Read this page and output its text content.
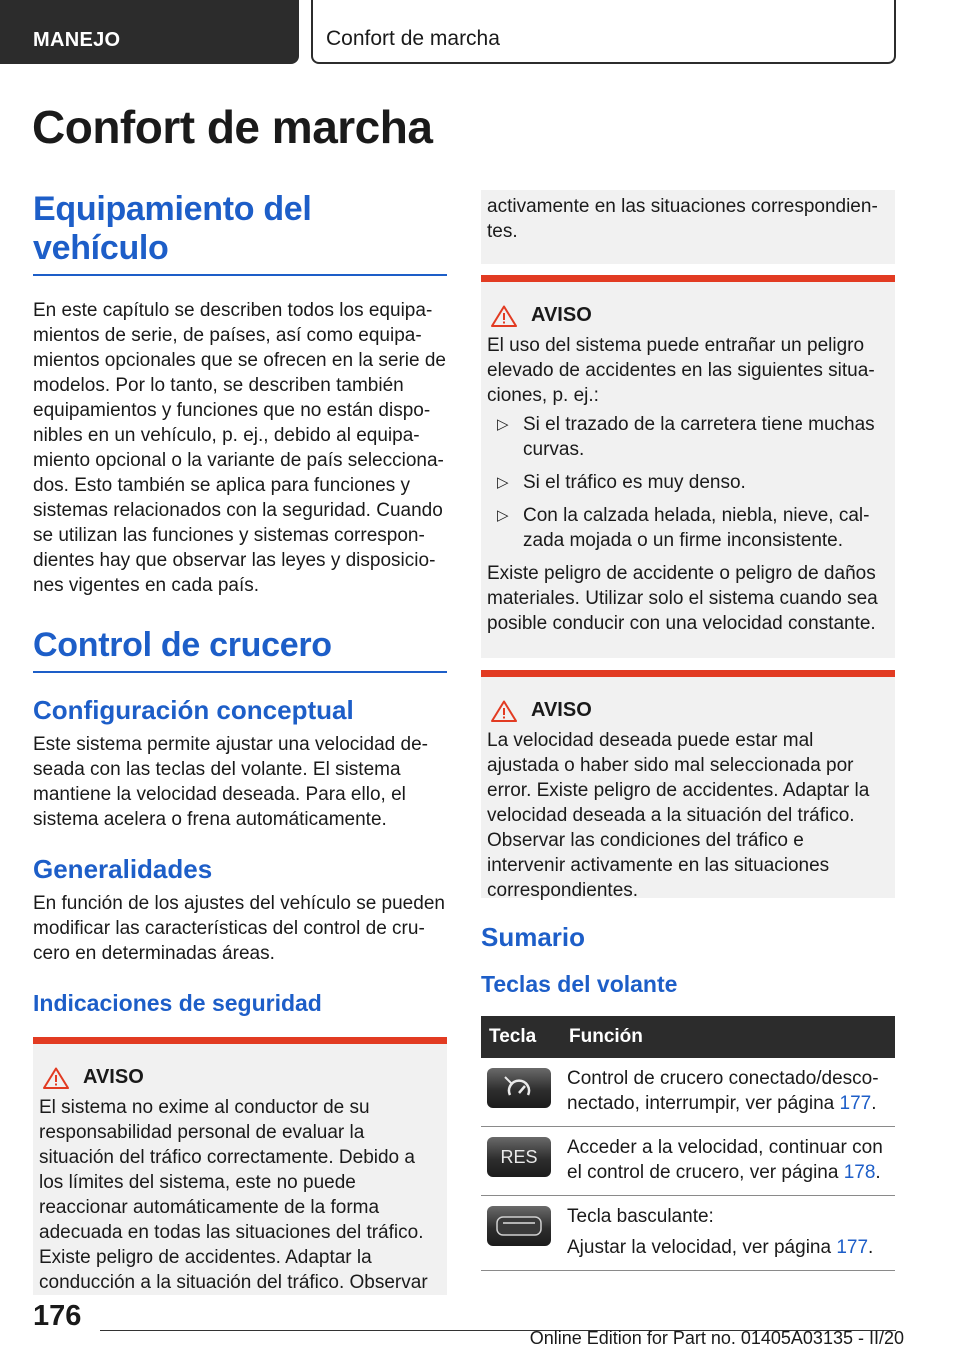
MANEJO	Confort de marcha
Confort de marcha
Equipamiento del vehículo

En este capítulo se describen todos los equipamientos de serie, de países, así como equipamientos opcionales que se ofrecen en la serie de modelos. Por lo tanto, se describen también equipamientos y funciones que no están disponibles en un vehículo, p. ej., debido al equipamiento opcional o la variante de país seleccionados. Esto también se aplica para funciones y sistemas relacionados con la seguridad. Cuando se utilizan las funciones y sistemas correspondientes hay que observar las leyes y disposiciones vigentes en cada país.

Control de crucero
Configuración conceptual

Este sistema permite ajustar una velocidad deseada con las teclas del volante. El sistema mantiene la velocidad deseada. Para ello, el sistema acelera o frena automáticamente.

Generalidades

En función de los ajustes del vehículo se pueden modificar las características del control de crucero en determinadas áreas.

Indicaciones de seguridad
AVISO

El sistema no exime al conductor de su responsabilidad personal de evaluar la situación del tráfico correctamente. Debido a los límites del sistema, este no puede reaccionar automáticamente de la forma adecuada en todas las situaciones del tráfico. Existe peligro de accidentes. Adaptar la conducción a la situación del tráfico. Observar

activamente en las situaciones correspondientes.

AVISO

El uso del sistema puede entrañar un peligro elevado de accidentes en las siguientes situaciones, p. ej.:

▷ Si el trazado de la carretera tiene muchas curvas.
▷ Si el tráfico es muy denso.
▷ Con la calzada helada, niebla, nieve, calzada mojada o un firme inconsistente.

Existe peligro de accidente o peligro de daños materiales. Utilizar solo el sistema cuando sea posible conducir con una velocidad constante.

AVISO

La velocidad deseada puede estar mal ajustada o haber sido mal seleccionada por error. Existe peligro de accidentes. Adaptar la velocidad deseada a la situación del tráfico. Observar las condiciones del tráfico e intervenir activamente en las situaciones correspondientes.

Sumario
Teclas del volante
Tecla	Función

	Control de crucero conectado/desconectado, interrumpir, ver página 177.

RES	Acceder a la velocidad, continuar con el control de crucero, ver página 178.

Tecla basculante:
Ajustar la velocidad, ver página 177.
176
Online Edition for Part no. 01405A03135 - II/20
